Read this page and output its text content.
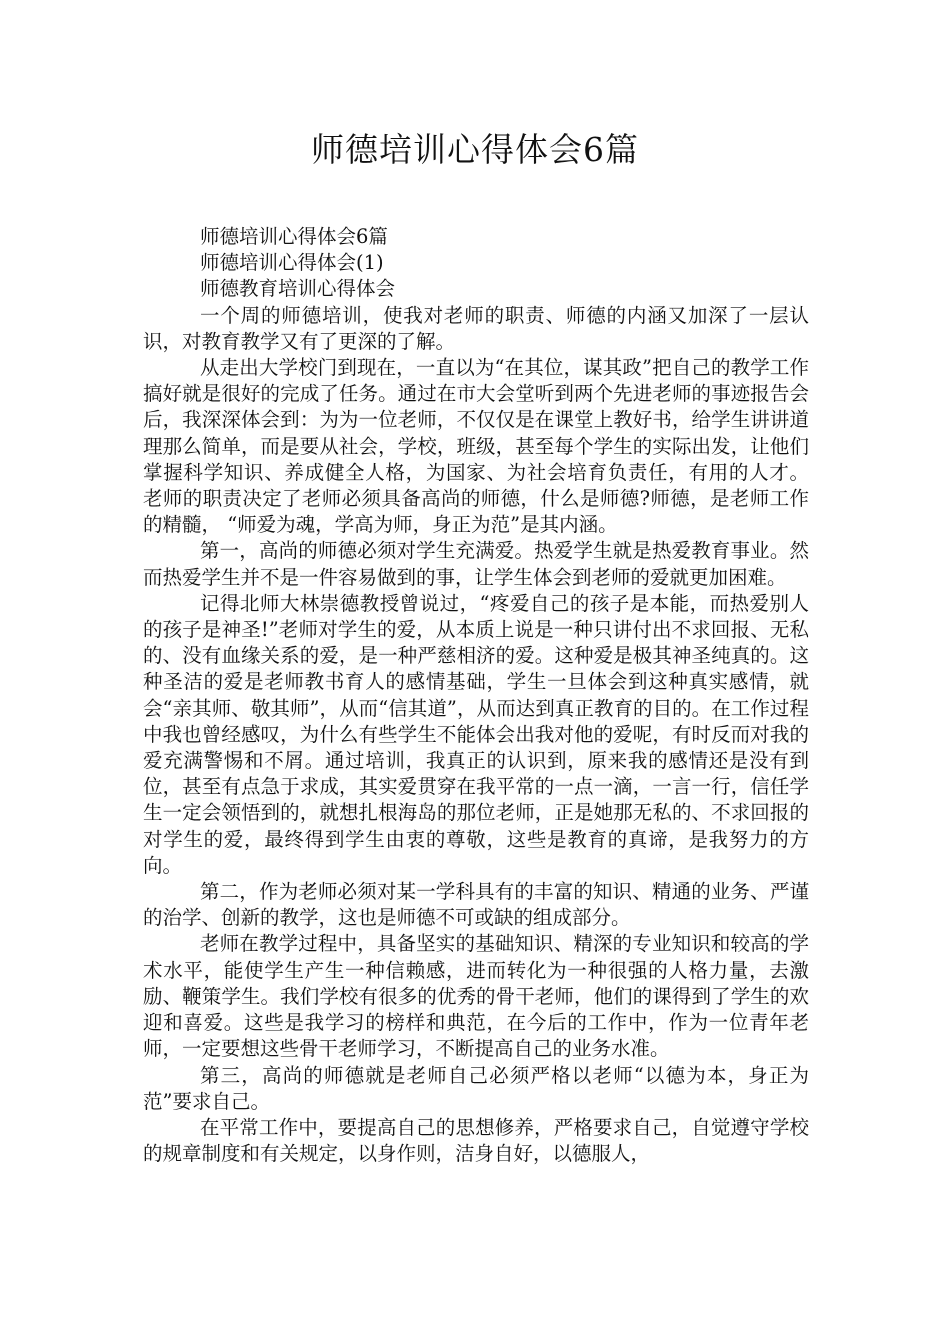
师德培训心得体会6篇

师德培训心得体会6篇

师德培训心得体会(1)

师德教育培训心得体会

一个周的师德培训，使我对老师的职责、师德的内涵又加深了一层认识，对教育教学又有了更深的了解。

从走出大学校门到现在，一直以为“在其位，谋其政”把自己的教学工作搞好就是很好的完成了任务。通过在市大会堂听到两个先进老师的事迹报告会后，我深深体会到：为为一位老师，不仅仅是在课堂上教好书，给学生讲讲道理那么简单，而是要从社会，学校，班级，甚至每个学生的实际出发，让他们掌握科学知识、养成健全人格，为国家、为社会培育负责任，有用的人才。 老师的职责决定了老师必须具备高尚的师德，什么是师德?师德，是老师工作的精髓， “师爱为魂，学高为师，身正为范”是其内涵。

第一，高尚的师德必须对学生充满爱。热爱学生就是热爱教育事业。然而热爱学生并不是一件容易做到的事，让学生体会到老师的爱就更加困难。

记得北师大林崇德教授曾说过，“疼爱自己的孩子是本能，而热爱别人的孩子是神圣!”老师对学生的爱，从本质上说是一种只讲付出不求回报、无私的、没有血缘关系的爱，是一种严慈相济的爱。这种爱是极其神圣纯真的。这种圣洁的爱是老师教书育人的感情基础，学生一旦体会到这种真实感情，就会“亲其师、敬其师”，从而“信其道”，从而达到真正教育的目的。在工作过程中我也曾经感叹，为什么有些学生不能体会出我对他的爱呢，有时反而对我的爱充满警惕和不屑。通过培训，我真正的认识到，原来我的感情还是没有到位，甚至有点急于求成，其实爱贯穿在我平常的一点一滴，一言一行，信任学生一定会领悟到的，就想扎根海岛的那位老师，正是她那无私的、不求回报的对学生的爱，最终得到学生由衷的尊敬，这些是教育的真谛，是我努力的方向。

第二，作为老师必须对某一学科具有的丰富的知识、精通的业务、严谨的治学、创新的教学，这也是师德不可或缺的组成部分。

老师在教学过程中，具备坚实的基础知识、精深的专业知识和较高的学术水平，能使学生产生一种信赖感，进而转化为一种很强的人格力量，去激励、鞭策学生。我们学校有很多的优秀的骨干老师，他们的课得到了学生的欢迎和喜爱。这些是我学习的榜样和典范，在今后的工作中，作为一位青年老师，一定要想这些骨干老师学习，不断提高自己的业务水准。

第三，高尚的师德就是老师自己必须严格以老师“以德为本，身正为范”要求自己。

在平常工作中，要提高自己的思想修养，严格要求自己，自觉遵守学校的规章制度和有关规定，以身作则，洁身自好，以德服人，
